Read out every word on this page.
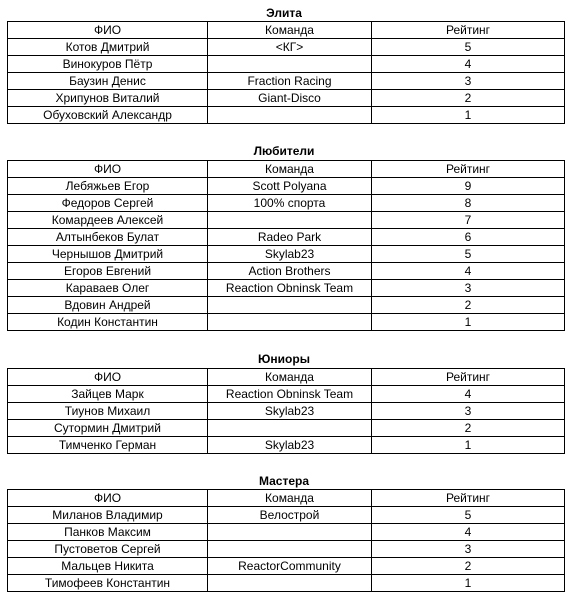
Элита
ФИО	Команда	Рейтинг
Котов Дмитрий	<КГ>	5
Винокуров Пётр		4
Баузин Денис	Fraction Racing	3
Хрипунов Виталий	Giant-Disco	2
Обуховский Александр		1
Любители
ФИО	Команда	Рейтинг
Лебяжьев Егор	Scott Polyana	9
Федоров Сергей	100% спорта	8
Комардеев Алексей		7
Алтынбеков Булат	Radeo Park	6
Чернышов Дмитрий	Skylab23	5
Егоров Евгений	Action Brothers	4
Караваев Олег	Reaction Obninsk Team	3
Вдовин Андрей		2
Кодин Константин		1
Юниоры
ФИО	Команда	Рейтинг
Зайцев Марк	Reaction Obninsk Team	4
Тиунов Михаил	Skylab23	3
Сутормин Дмитрий		2
Тимченко Герман	Skylab23	1
Мастера
ФИО	Команда	Рейтинг
Миланов Владимир	Велострой	5
Панков Максим		4
Пустоветов Сергей		3
Мальцев Никита	ReactorCommunity	2
Тимофеев Константин		1
